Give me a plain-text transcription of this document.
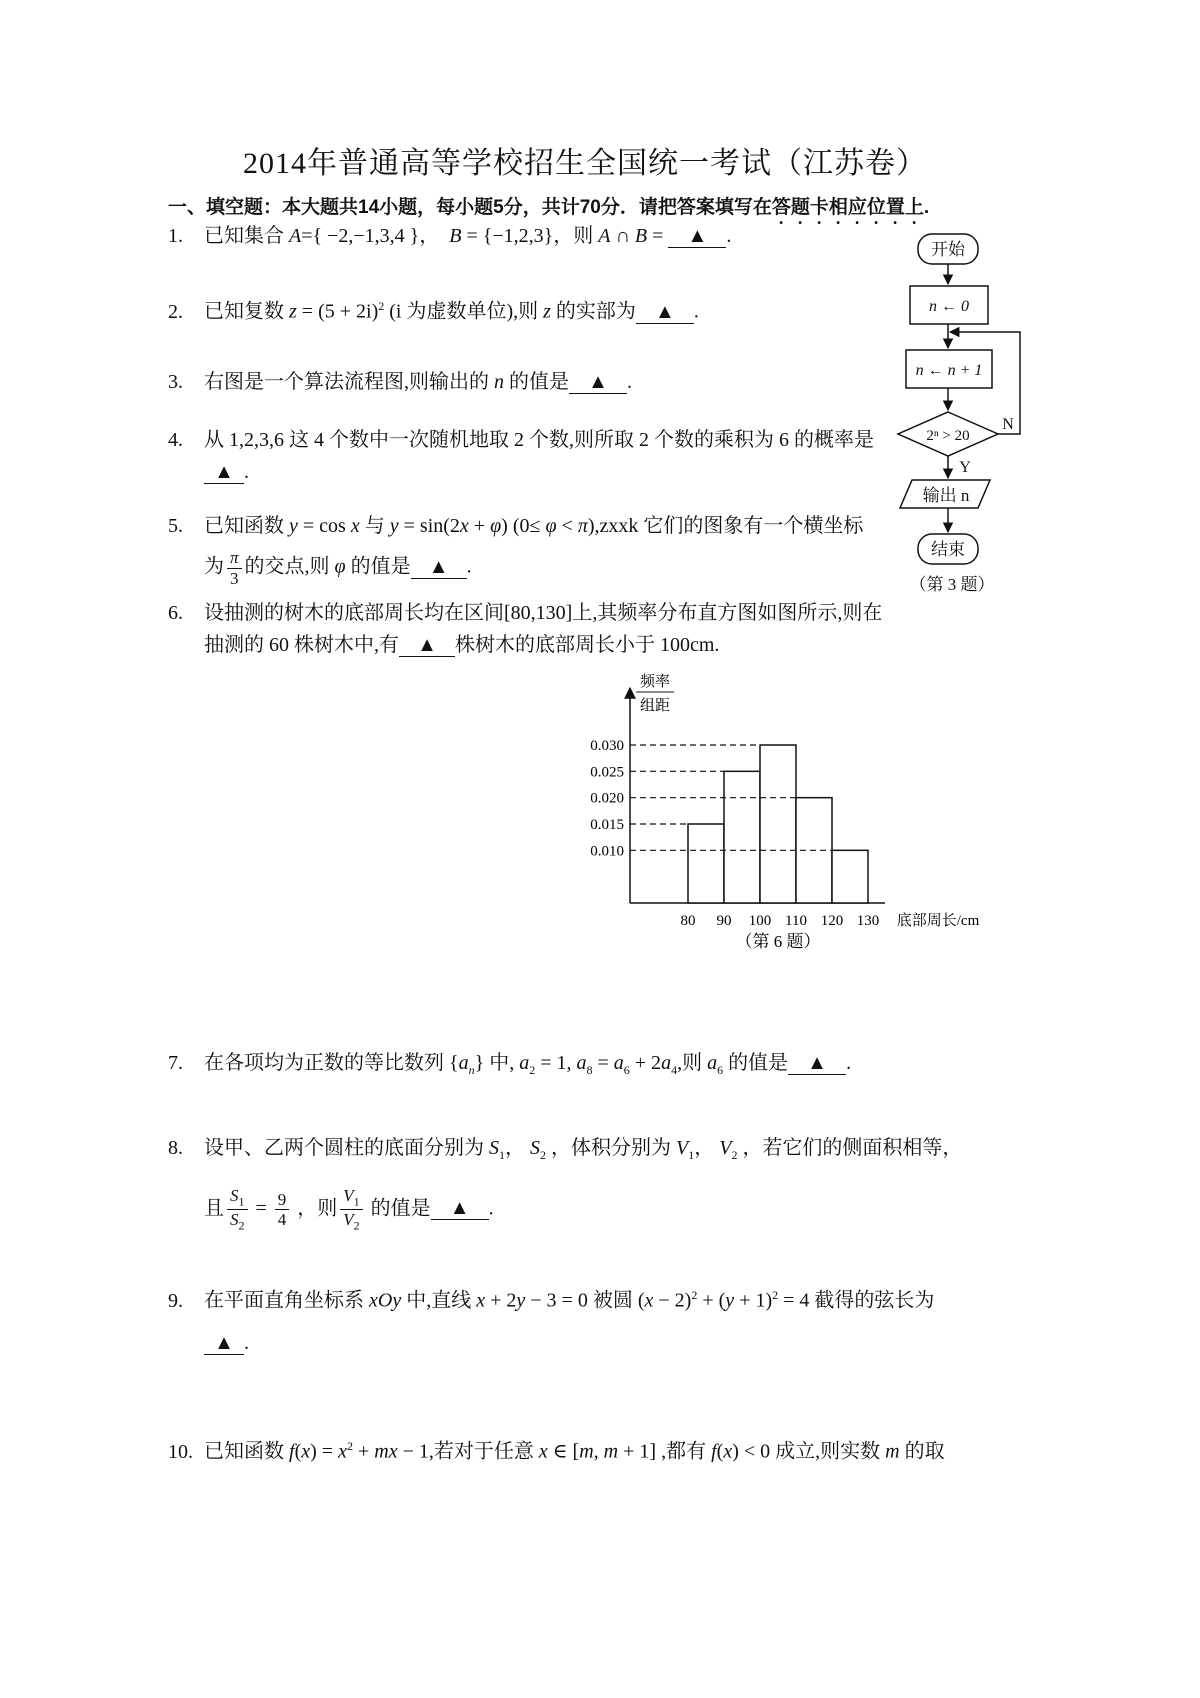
2014年普通高等学校招生全国统一考试（江苏卷）
一、填空题：本大题共14小题，每小题5分，共计70分．请把答案填写在答题卡相应位置上.
1. 已知集合 A={ −2,−1,3,4 }， B = {−1,2,3}，则 A ∩ B = ▲ .
2. 已知复数 $z = (5 + 2i)^2$ (i 为虚数单位),则 z 的实部为 ▲ .
3. 右图是一个算法流程图,则输出的 n 的值是 ▲ .
4. 从 1,2,3,6 这 4 个数中一次随机地取 2 个数,则所取 2 个数的乘积为 6 的概率是
▲ .
5. 已知函数 y = cos x 与 y = sin(2x + φ) (0≤ φ < π),zxxk 它们的图象有一个横坐标
为 $\frac{\pi}{3}$ 的交点,则 φ 的值是 ▲ .
6. 设抽测的树木的底部周长均在区间[80,130]上,其频率分布直方图如图所示,则在
抽测的 60 株树木中,有 ▲ 株树木的底部周长小于 100cm.
开始
n ← 0
n ← n + 1
2ⁿ > 20
N
Y
输出 n
结束
（第 3 题）
频率
组距
底部周长/cm
（第 6 题）
0.010
0.015
0.020
0.025
0.030
80 90 100 110 120 130
7. 在各项均为正数的等比数列 $\{a_n\}$ 中, $a_2 = 1$, $a_8 = a_6 + 2a_4$,则 $a_6$ 的值是 ▲ .
8. 设甲、乙两个圆柱的底面分别为 $S_1$， $S_2$ ，体积分别为 $V_1$， $V_2$ ，若它们的侧面积相等，
且 $\frac{S_1}{S_2} = \frac{9}{4}$ ，则 $\frac{V_1}{V_2}$ 的值是 ▲ .
9. 在平面直角坐标系 xOy 中,直线 x + 2y − 3 = 0 被圆 $(x - 2)^2 + (y + 1)^2 = 4$ 截得的弦长为
▲ .
10. 已知函数 $f(x) = x^2$ + mx − 1,若对于任意 x ∈ [m, m + 1] ,都有 f(x) < 0 成立,则实数 m 的取
